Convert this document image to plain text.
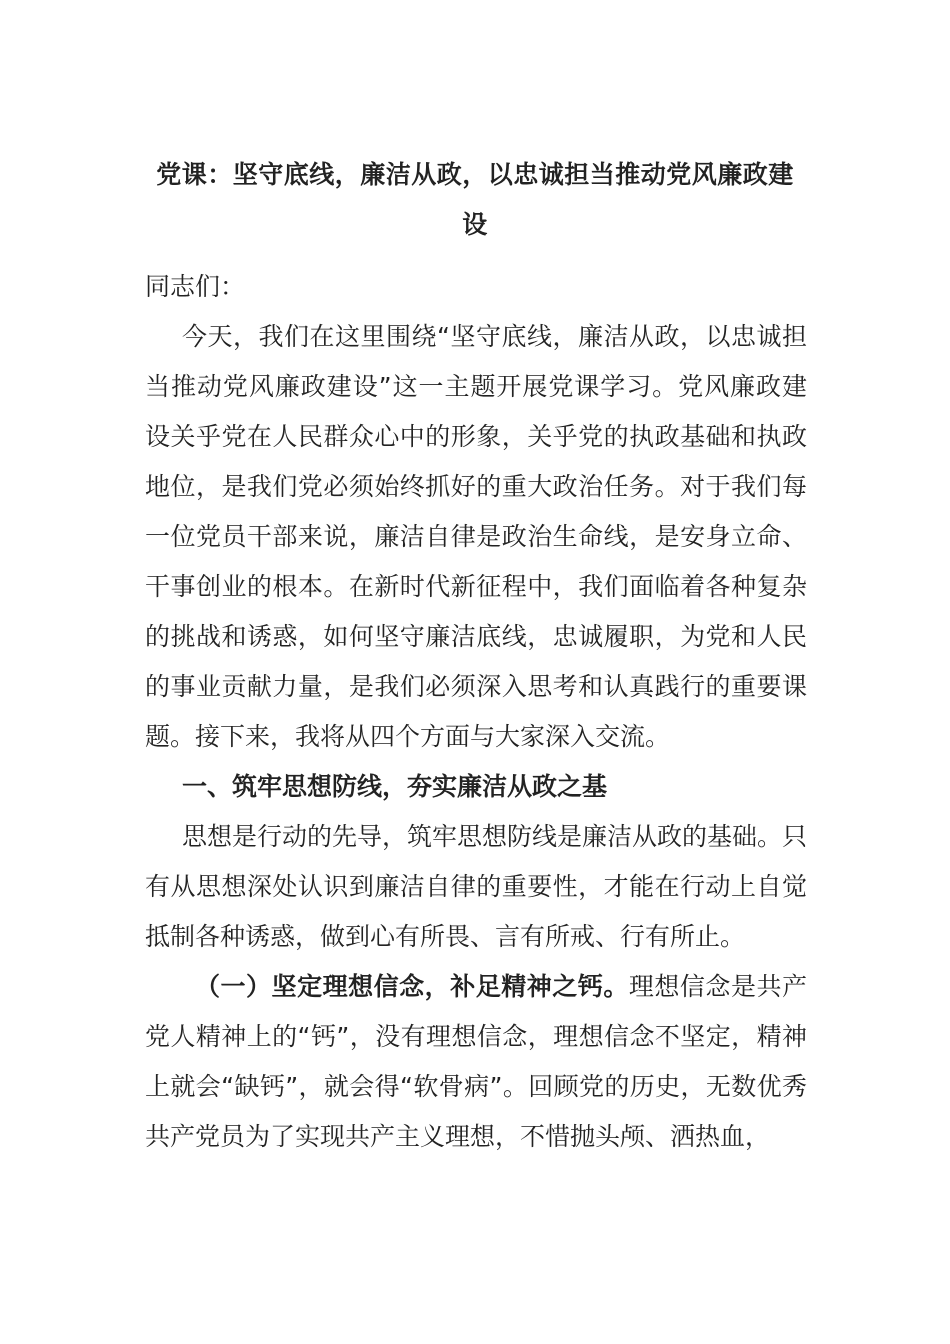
党课：坚守底线，廉洁从政，以忠诚担当推动党风廉政建设

同志们：

今天，我们在这里围绕“坚守底线，廉洁从政，以忠诚担当推动党风廉政建设”这一主题开展党课学习。党风廉政建设关乎党在人民群众心中的形象，关乎党的执政基础和执政地位，是我们党必须始终抓好的重大政治任务。对于我们每一位党员干部来说，廉洁自律是政治生命线，是安身立命、干事创业的根本。在新时代新征程中，我们面临着各种复杂的挑战和诱惑，如何坚守廉洁底线，忠诚履职，为党和人民的事业贡献力量，是我们必须深入思考和认真践行的重要课题。接下来，我将从四个方面与大家深入交流。

一、筑牢思想防线，夯实廉洁从政之基

思想是行动的先导，筑牢思想防线是廉洁从政的基础。只有从思想深处认识到廉洁自律的重要性，才能在行动上自觉抵制各种诱惑，做到心有所畏、言有所戒、行有所止。

（一）坚定理想信念，补足精神之钙。理想信念是共产党人精神上的“钙”，没有理想信念，理想信念不坚定，精神上就会“缺钙”，就会得“软骨病”。回顾党的历史，无数优秀共产党员为了实现共产主义理想，不惜抛头颅、洒热血，
